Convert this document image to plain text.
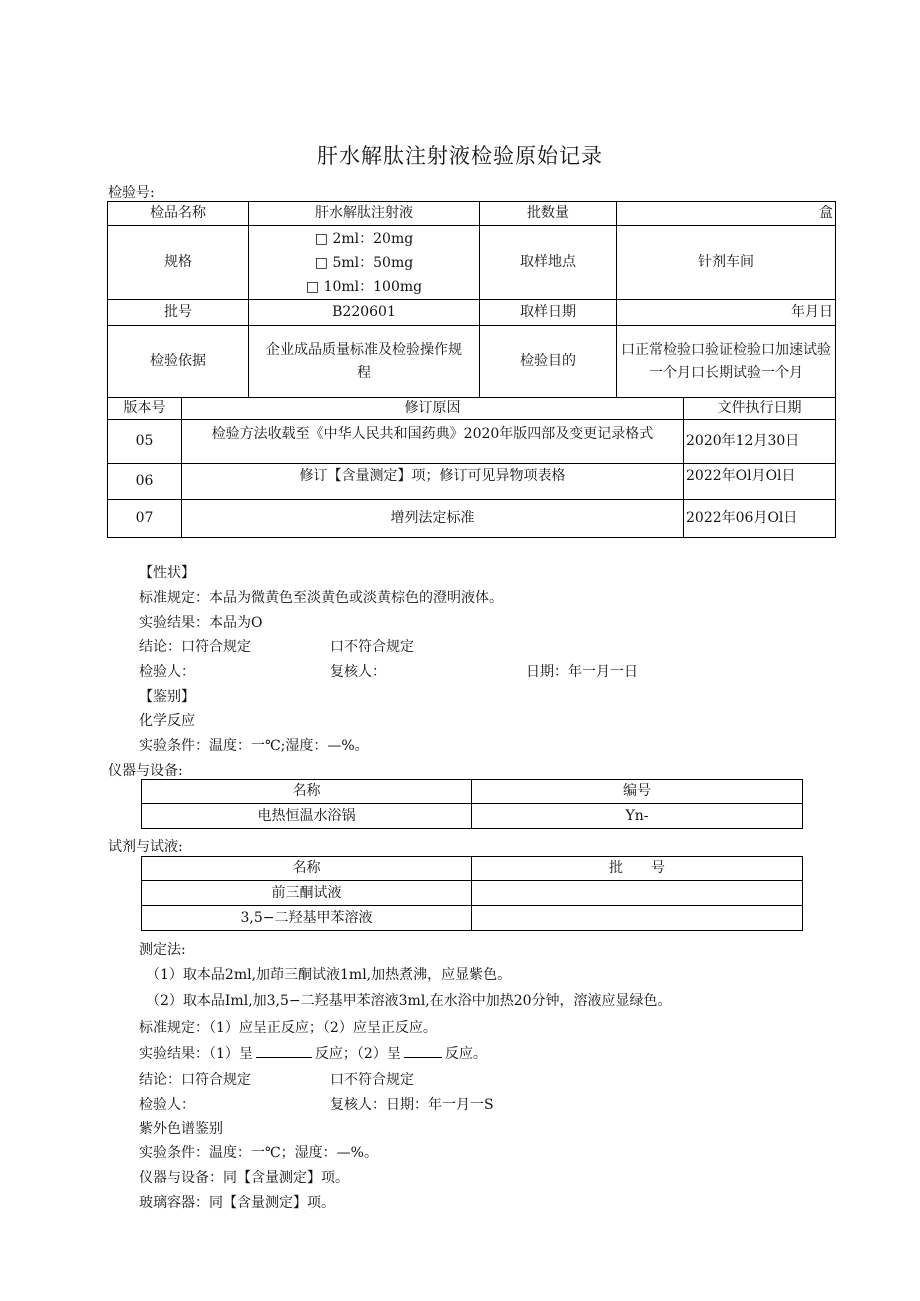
肝水解肽注射液检验原始记录
检验号:
检品名称	肝水解肽注射液	批数量	盒
规格	□ 2ml：20mg
□ 5ml：50mg
□ 10ml：100mg	取样地点	针剂车间
批号	B220601	取样日期	年月日
检验依据	企业成品质量标准及检验操作规程	检验目的	口正常检验口验证检验口加速试验一个月口长期试验一个月
版本号	修订原因	文件执行日期
05	检验方法收载至《中华人民共和国药典》2020年版四部及变更记录格式	2020年12月30日
06	修订【含量测定】项；修订可见异物项表格	2022年Ol月Ol日
07	增列法定标准	2022年06月Ol日
【性状】
标准规定：本品为微黄色至淡黄色或淡黄棕色的澄明液体。
实验结果：本品为O
结论：口符合规定	口不符合规定
检验人：	复核人：	日期：年一月一日
【鉴别】
化学反应
实验条件：温度：一℃;湿度：—%。
仪器与设备:
名称	编号
电热恒温水浴锅	Yn-
试剂与试液:
名称	批　　号
前三酮试液	
3,5−二羟基甲苯溶液	
测定法:
（1）取本品2ml,加茚三酮试液1ml,加热煮沸，应显紫色。
（2）取本品Iml,加3,5−二羟基甲苯溶液3ml,在水浴中加热20分钟，溶液应显绿色。
标准规定：（1）应呈正反应；（2）应呈正反应。
实验结果：（1）呈	反应；（2）呈	反应。
结论：口符合规定	口不符合规定
检验人：	复核人：日期：年一月一S
紫外色谱鉴别
实验条件：温度：一℃；湿度：—%。
仪器与设备：同【含量测定】项。
玻璃容器：同【含量测定】项。
